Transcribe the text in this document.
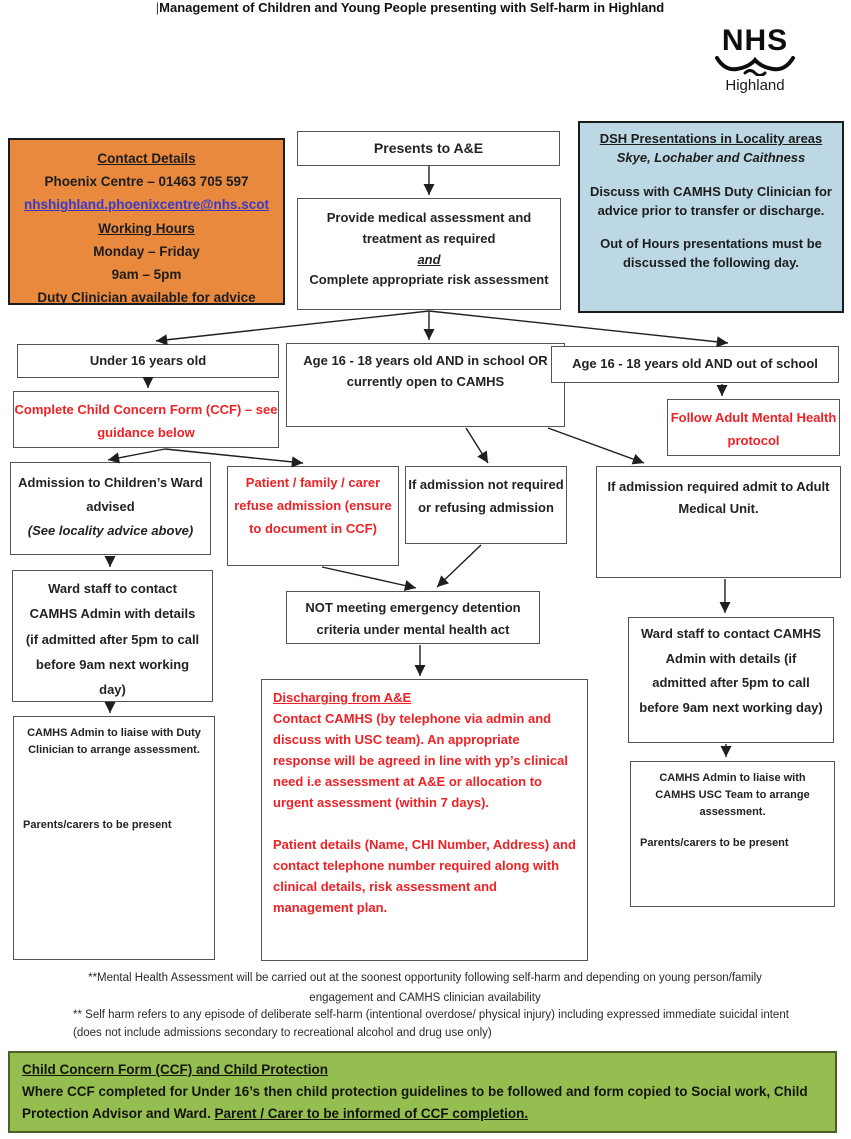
|Management of Children and Young People presenting with Self-harm in Highland
NHS
Highland
Contact Details
Phoenix Centre – 01463 705 597
nhshighland.phoenixcentre@nhs.scot
Working Hours
Monday – Friday
9am – 5pm
Duty Clinician available for advice
Presents to A&E
DSH Presentations in Locality areas
Skye, Lochaber and Caithness

Discuss with CAMHS Duty Clinician for advice prior to transfer or discharge.

Out of Hours presentations must be discussed the following day.

Provide medical assessment and treatment as required
and
Complete appropriate risk assessment
Under 16 years old	Age 16 - 18 years old AND in school OR currently open to CAMHS
Age 16 - 18 years old AND out of school
Complete Child Concern Form (CCF) – see guidance below
Follow Adult Mental Health protocol
Admission to Children’s Ward advised
(See locality advice above)
Patient / family / carer refuse admission (ensure to document in CCF)
If admission not required or refusing admission
If admission required admit to Adult Medical Unit.
Ward staff to contact CAMHS Admin with details (if admitted after 5pm to call before 9am next working day)
CAMHS Admin to liaise with Duty Clinician to arrange assessment.
Parents/carers to be present
NOT meeting emergency detention criteria under mental health act
Discharging from A&E

Contact CAMHS (by telephone via admin and discuss with USC team). An appropriate response will be agreed in line with yp’s clinical need i.e assessment at A&E or allocation to urgent assessment (within 7 days).

Patient details (Name, CHI Number, Address) and contact telephone number required along with clinical details, risk assessment and management plan.

Ward staff to contact CAMHS Admin with details (if admitted after 5pm to call before 9am next working day)
CAMHS Admin to liaise with CAMHS USC Team to arrange assessment.
Parents/carers to be present
**Mental Health Assessment will be carried out at the soonest opportunity following self-harm and depending on young person/family engagement and CAMHS clinician availability
** Self harm refers to any episode of deliberate self-harm (intentional overdose/ physical injury) including expressed immediate suicidal intent (does not include admissions secondary to recreational alcohol and drug use only)
Child Concern Form (CCF) and Child Protection
Where CCF completed for Under 16’s then child protection guidelines to be followed and form copied to Social work, Child Protection Advisor and Ward. Parent / Carer to be informed of CCF completion.
